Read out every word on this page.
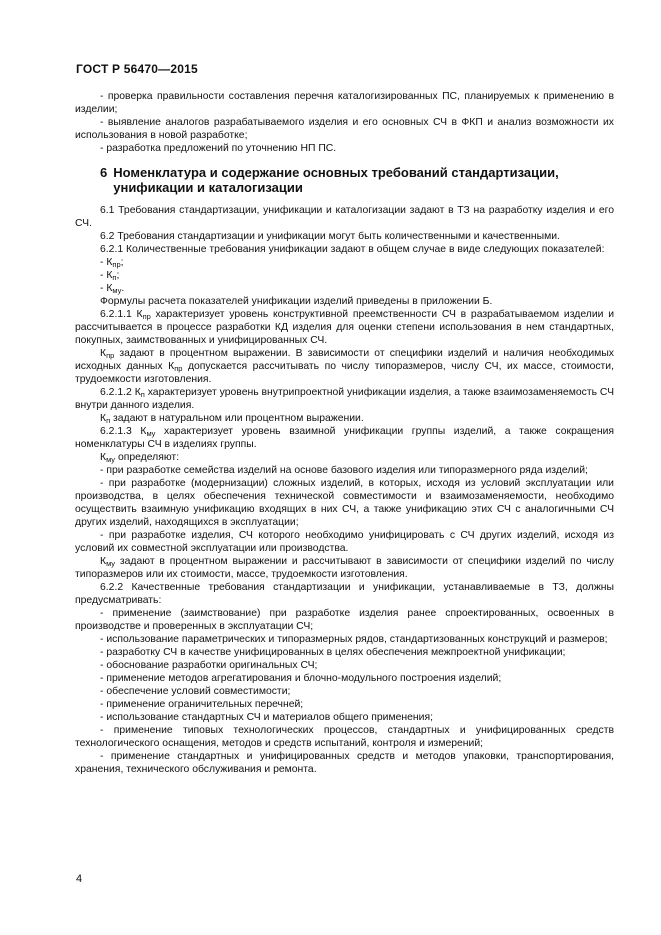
ГОСТ Р 56470—2015

- проверка правильности составления перечня каталогизированных ПС, планируемых к применению в изделии;

- выявление аналогов разрабатываемого изделия и его основных СЧ в ФКП и анализ возможности их использования в новой разработке;

- разработка предложений по уточнению НП ПС.

6 Номенклатура и содержание основных требований стандартизации, унификации и каталогизации

6.1 Требования стандартизации, унификации и каталогизации задают в ТЗ на разработку изделия и его СЧ.

6.2 Требования стандартизации и унификации могут быть количественными и качественными.

6.2.1 Количественные требования унификации задают в общем случае в виде следующих показателей:

- $К_{пр}$;

- $К_п$;

- $К_{му}$.

Формулы расчета показателей унификации изделий приведены в приложении Б.

6.2.1.1 $К_{пр}$ характеризует уровень конструктивной преемственности СЧ в разрабатываемом изделии и рассчитывается в процессе разработки КД изделия для оценки степени использования в нем стандартных, покупных, заимствованных и унифицированных СЧ.

$К_{пр}$ задают в процентном выражении. В зависимости от специфики изделий и наличия необходимых исходных данных $К_{пр}$ допускается рассчитывать по числу типоразмеров, числу СЧ, их массе, стоимости, трудоемкости изготовления.

6.2.1.2 $К_п$ характеризует уровень внутрипроектной унификации изделия, а также взаимозаменяемость СЧ внутри данного изделия.

$К_п$ задают в натуральном или процентном выражении.

6.2.1.3 $К_{му}$ характеризует уровень взаимной унификации группы изделий, а также сокращения номенклатуры СЧ в изделиях группы.

$К_{му}$ определяют:

- при разработке семейства изделий на основе базового изделия или типоразмерного ряда изделий;

- при разработке (модернизации) сложных изделий, в которых, исходя из условий эксплуатации или производства, в целях обеспечения технической совместимости и взаимозаменяемости, необходимо осуществить взаимную унификацию входящих в них СЧ, а также унификацию этих СЧ с аналогичными СЧ других изделий, находящихся в эксплуатации;

- при разработке изделия, СЧ которого необходимо унифицировать с СЧ других изделий, исходя из условий их совместной эксплуатации или производства.

$К_{му}$ задают в процентном выражении и рассчитывают в зависимости от специфики изделий по числу типоразмеров или их стоимости, массе, трудоемкости изготовления.

6.2.2 Качественные требования стандартизации и унификации, устанавливаемые в ТЗ, должны предусматривать:

- применение (заимствование) при разработке изделия ранее спроектированных, освоенных в производстве и проверенных в эксплуатации СЧ;

- использование параметрических и типоразмерных рядов, стандартизованных конструкций и размеров;

- разработку СЧ в качестве унифицированных в целях обеспечения межпроектной унификации;

- обоснование разработки оригинальных СЧ;

- применение методов агрегатирования и блочно-модульного построения изделий;

- обеспечение условий совместимости;

- применение ограничительных перечней;

- использование стандартных СЧ и материалов общего применения;

- применение типовых технологических процессов, стандартных и унифицированных средств технологического оснащения, методов и средств испытаний, контроля и измерений;

- применение стандартных и унифицированных средств и методов упаковки, транспортирования, хранения, технического обслуживания и ремонта.

4
